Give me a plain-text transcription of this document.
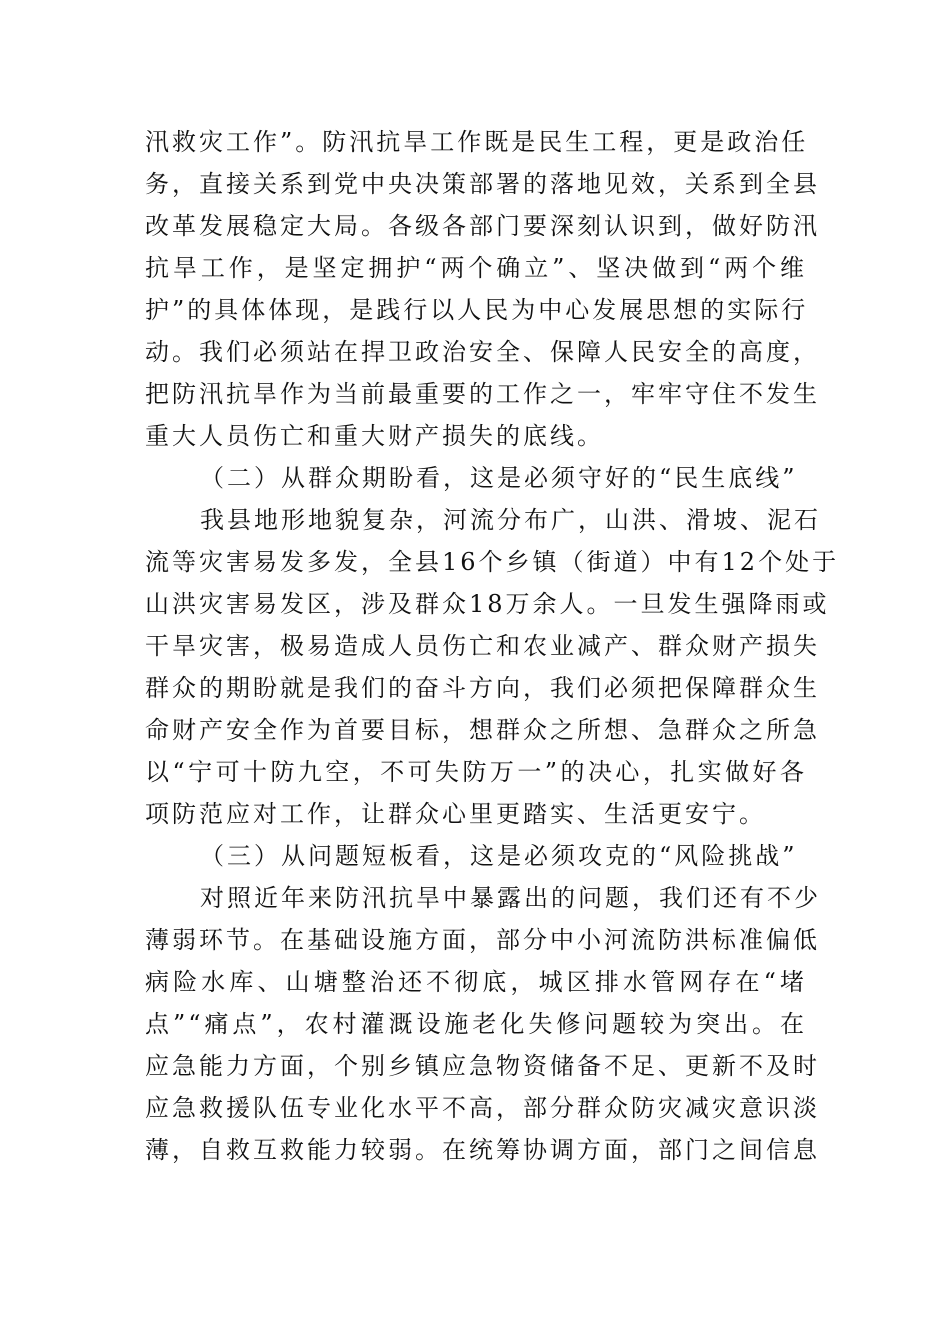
汛救灾工作”。防汛抗旱工作既是民生工程，更是政治任
务，直接关系到党中央决策部署的落地见效，关系到全县
改革发展稳定大局。各级各部门要深刻认识到，做好防汛
抗旱工作，是坚定拥护“两个确立”、坚决做到“两个维
护”的具体体现，是践行以人民为中心发展思想的实际行
动。我们必须站在捍卫政治安全、保障人民安全的高度，
把防汛抗旱作为当前最重要的工作之一，牢牢守住不发生
重大人员伤亡和重大财产损失的底线。
（二）从群众期盼看，这是必须守好的“民生底线”
我县地形地貌复杂，河流分布广，山洪、滑坡、泥石
流等灾害易发多发，全县16个乡镇（街道）中有12个处于
山洪灾害易发区，涉及群众18万余人。一旦发生强降雨或
干旱灾害，极易造成人员伤亡和农业减产、群众财产损失
群众的期盼就是我们的奋斗方向，我们必须把保障群众生
命财产安全作为首要目标，想群众之所想、急群众之所急
以“宁可十防九空，不可失防万一”的决心，扎实做好各
项防范应对工作，让群众心里更踏实、生活更安宁。
（三）从问题短板看，这是必须攻克的“风险挑战”
对照近年来防汛抗旱中暴露出的问题，我们还有不少
薄弱环节。在基础设施方面，部分中小河流防洪标准偏低
病险水库、山塘整治还不彻底，城区排水管网存在“堵
点”“痛点”，农村灌溉设施老化失修问题较为突出。在
应急能力方面，个别乡镇应急物资储备不足、更新不及时
应急救援队伍专业化水平不高，部分群众防灾减灾意识淡
薄，自救互救能力较弱。在统筹协调方面，部门之间信息
